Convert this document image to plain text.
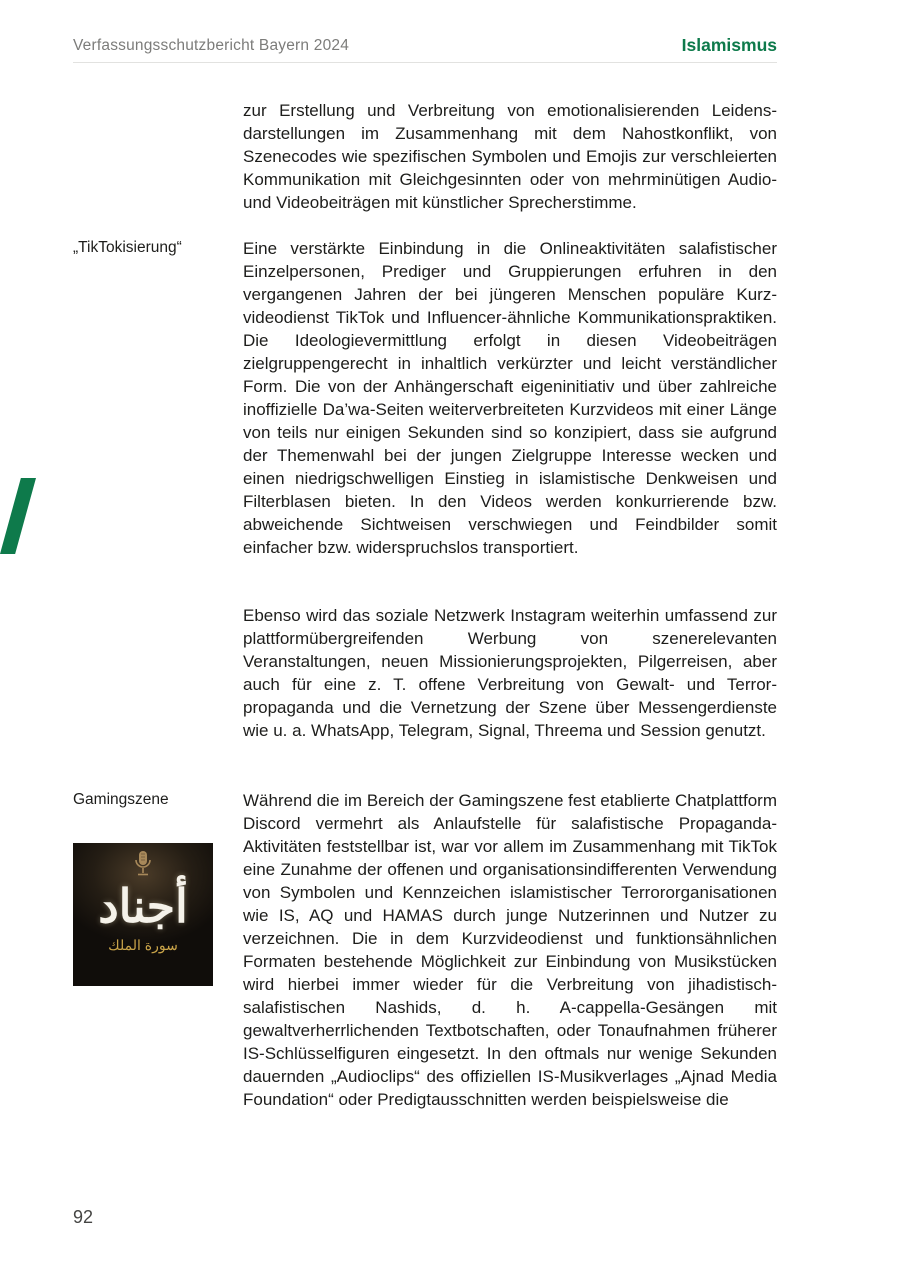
Verfassungsschutzbericht Bayern 2024	Islamismus
„TikTokisierung“
Gamingszene
أجناد
سورة الملك

zur Erstellung und Verbreitung von emotionalisierenden Leidensdarstellungen im Zusammenhang mit dem Nahostkonflikt, von Szenecodes wie spezifischen Symbolen und Emojis zur verschleierten Kommunikation mit Gleichgesinnten oder von mehrminütigen Audio- und Videobeiträgen mit künstlicher Sprecherstimme.

Eine verstärkte Einbindung in die Onlineaktivitäten salafistischer Einzelpersonen, Prediger und Gruppierungen erfuhren in den vergangenen Jahren der bei jüngeren Menschen populäre Kurzvideodienst TikTok und Influencer-ähnliche Kommunikationspraktiken. Die Ideologievermittlung erfolgt in diesen Videobeiträgen zielgruppengerecht in inhaltlich verkürzter und leicht verständlicher Form. Die von der Anhängerschaft eigeninitiativ und über zahlreiche inoffizielle Da’wa-Seiten weiterverbreiteten Kurzvideos mit einer Länge von teils nur einigen Sekunden sind so konzipiert, dass sie aufgrund der Themenwahl bei der jungen Zielgruppe Interesse wecken und einen niedrigschwelligen Einstieg in islamistische Denkweisen und Filterblasen bieten. In den Videos werden konkurrierende bzw. abweichende Sichtweisen verschwiegen und Feindbilder somit einfacher bzw. widerspruchslos transportiert.

Ebenso wird das soziale Netzwerk Instagram weiterhin umfassend zur plattformübergreifenden Werbung von szenerelevanten Veranstaltungen, neuen Missionierungsprojekten, Pilgerreisen, aber auch für eine z. T. offene Verbreitung von Gewalt- und Terrorpropaganda und die Vernetzung der Szene über Messengerdienste wie u. a. WhatsApp, Telegram, Signal, Threema und Session genutzt.

Während die im Bereich der Gamingszene fest etablierte Chatplattform Discord vermehrt als Anlaufstelle für salafistische Propaganda-Aktivitäten feststellbar ist, war vor allem im Zusammenhang mit TikTok eine Zunahme der offenen und organisationsindifferenten Verwendung von Symbolen und Kennzeichen islamistischer Terrororganisationen wie IS, AQ und HAMAS durch junge Nutzerinnen und Nutzer zu verzeichnen. Die in dem Kurzvideodienst und funktionsähnlichen Formaten bestehende Möglichkeit zur Einbindung von Musikstücken wird hierbei immer wieder für die Verbreitung von jihadistisch-salafistischen Nashids, d. h. A-cappella-Gesängen mit gewaltverherrlichenden Textbotschaften, oder Tonaufnahmen früherer IS-Schlüsselfiguren eingesetzt. In den oftmals nur wenige Sekunden dauernden „Audioclips“ des offiziellen IS-Musikverlages „Ajnad Media Foundation“ oder Predigtausschnitten werden beispielsweise die

92
